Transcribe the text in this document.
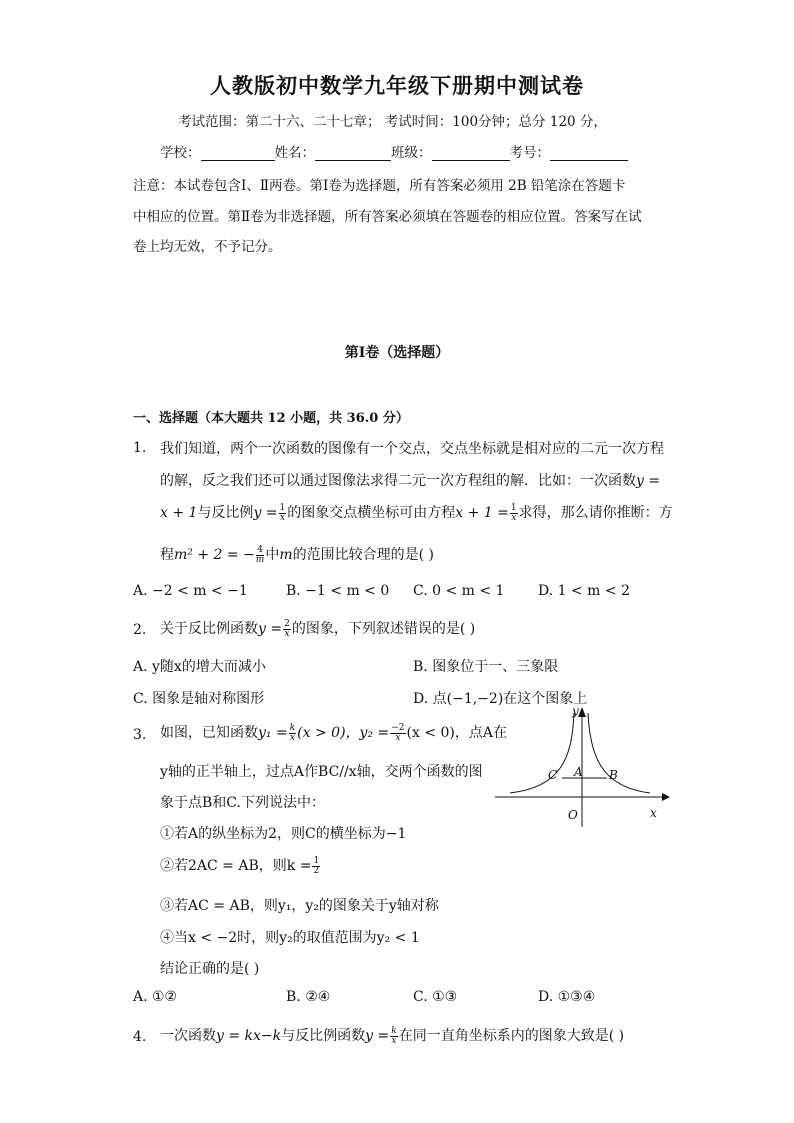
人教版初中数学九年级下册期中测试卷
考试范围：第二十六、二十七章； 考试时间：100分钟；总分 120 分，
学校：	姓名：	班级：	考号：
注意：本试卷包含Ⅰ、Ⅱ两卷。第Ⅰ卷为选择题，所有答案必须用 2B 铅笔涂在答题卡
中相应的位置。第Ⅱ卷为非选择题，所有答案必须填在答题卷的相应位置。答案写在试
卷上均无效，不予记分。
第Ⅰ卷（选择题）
一、选择题（本大题共 12 小题，共 36.0 分）
1. 我们知道，两个一次函数的图像有一个交点，交点坐标就是相对应的二元一次方程
的解，反之我们还可以通过图像法求得二元一次方程组的解．比如：一次函数y =
x + 1与反比例$y = \frac{1}{x}$ 的图象交点横坐标可由方程$x + 1 = \frac{1}{x}$ 求得，那么请你推断：方
程m² + 2 = − $\frac{4}{m}$ 中m的范围比较合理的是( )
A. −2 < m < −1	B. −1 < m < 0 C. 0 < m < 1 D. 1 < m < 2
2. 关于反比例函数$y = \frac{2}{x}$ 的图象，下列叙述错误的是( )
A. y随x的增大而减小	B. 图象位于一、三象限
C. 图象是轴对称图形	D. 点(−1,−2)在这个图象上
3. 如图，已知函数$y_1 = \frac{k}{x} (x > 0)$，$y_2 = \frac{-2}{x} (x < 0)$，点A在
y轴的正半轴上，过点A作BC//x轴，交两个函数的图
象于点B和C.下列说法中：
①若A的纵坐标为2，则C的横坐标为−1
②若2AC = AB，则$k = \frac{1}{2}$
③若AC = AB，则y₁，y₂的图象关于y轴对称
④当x < −2时，则y₂的取值范围为y₂ < 1
结论正确的是( )
A. ①②	B. ②④	C. ①③	D. ①③④
y
x
O
A B
C
4. 一次函数y = kx−k与反比例函数$y = \frac{k}{x}$ 在同一直角坐标系内的图象大致是( )
